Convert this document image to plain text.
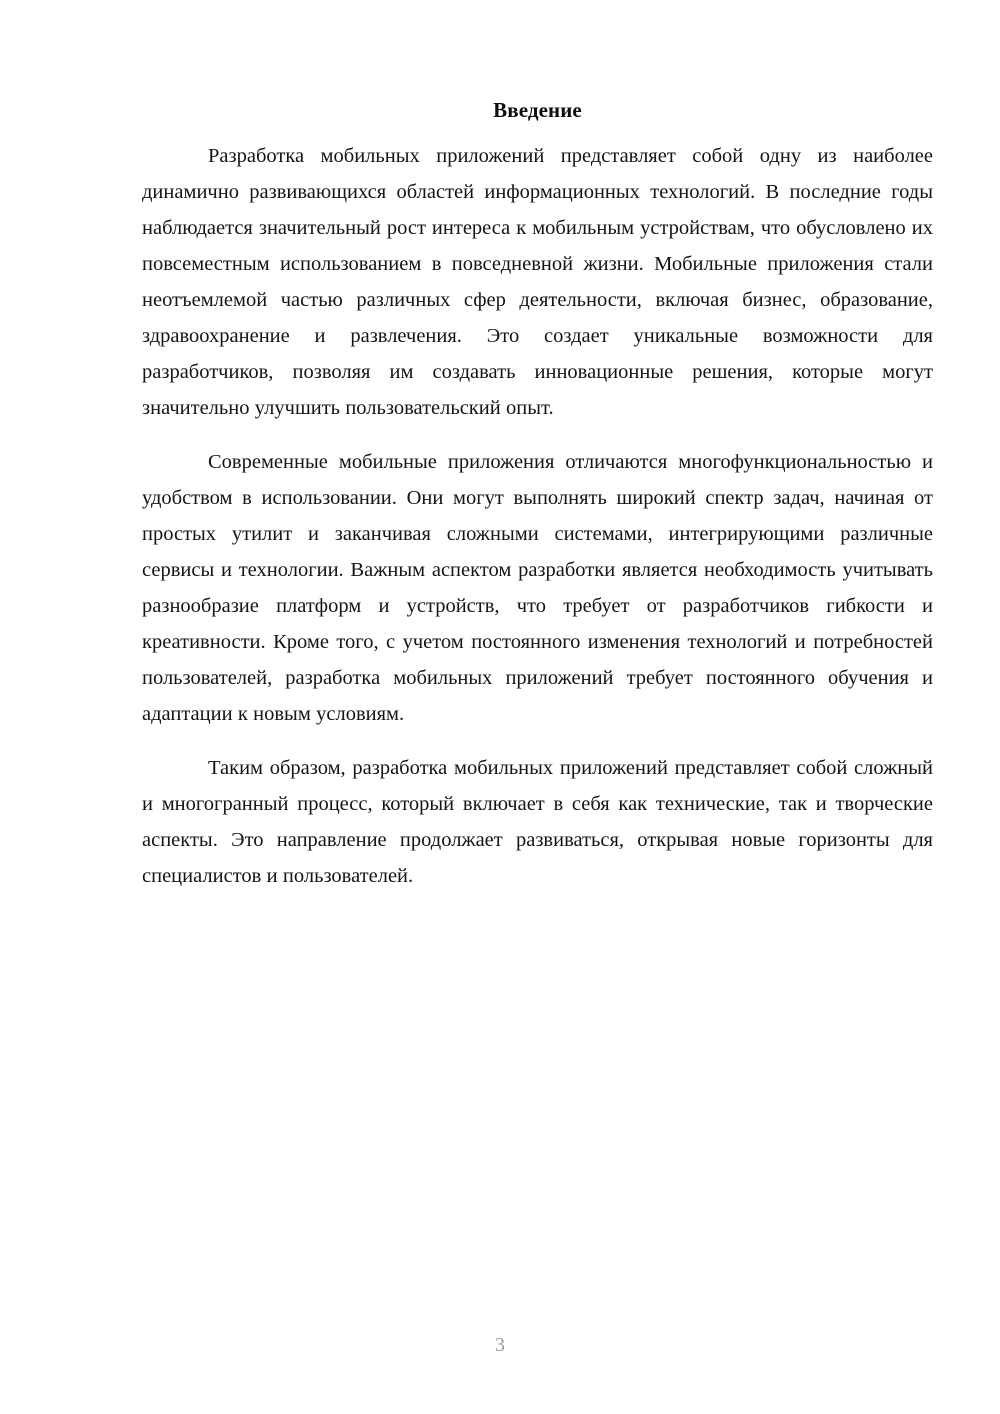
Введение

Разработка мобильных приложений представляет собой одну из наиболее динамично развивающихся областей информационных технологий. В последние годы наблюдается значительный рост интереса к мобильным устройствам, что обусловлено их повсеместным использованием в повседневной жизни. Мобильные приложения стали неотъемлемой частью различных сфер деятельности, включая бизнес, образование, здравоохранение и развлечения. Это создает уникальные возможности для разработчиков, позволяя им создавать инновационные решения, которые могут значительно улучшить пользовательский опыт.

Современные мобильные приложения отличаются многофункциональностью и удобством в использовании. Они могут выполнять широкий спектр задач, начиная от простых утилит и заканчивая сложными системами, интегрирующими различные сервисы и технологии. Важным аспектом разработки является необходимость учитывать разнообразие платформ и устройств, что требует от разработчиков гибкости и креативности. Кроме того, с учетом постоянного изменения технологий и потребностей пользователей, разработка мобильных приложений требует постоянного обучения и адаптации к новым условиям.

Таким образом, разработка мобильных приложений представляет собой сложный и многогранный процесс, который включает в себя как технические, так и творческие аспекты. Это направление продолжает развиваться, открывая новые горизонты для специалистов и пользователей.

3
